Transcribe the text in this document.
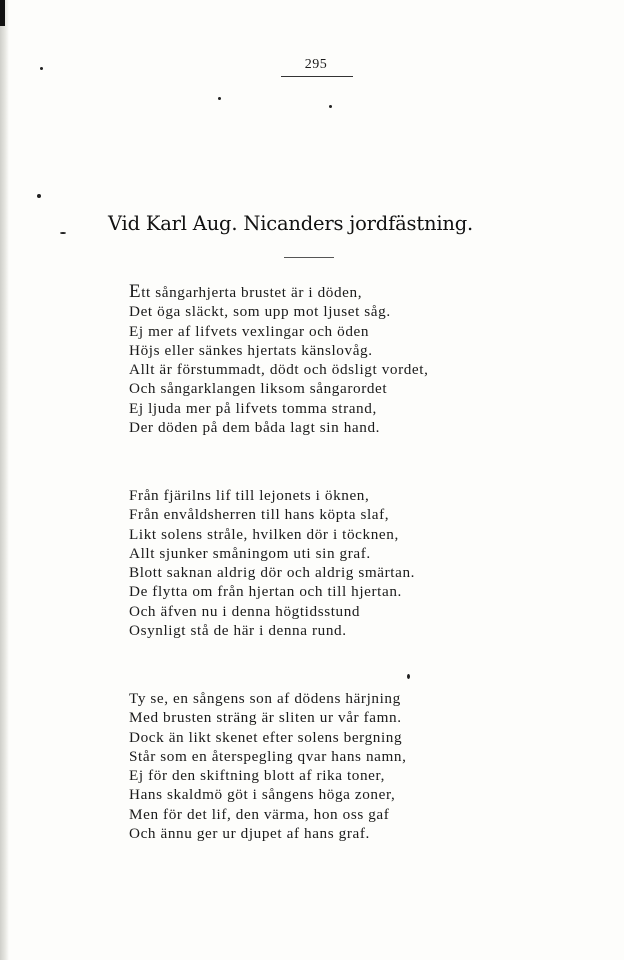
295
Vid Karl Aug. Nicanders jordfästning.
Ett sångarhjerta brustet är i döden,
Det öga släckt, som upp mot ljuset såg.
Ej mer af lifvets vexlingar och öden
Höjs eller sänkes hjertats känslovåg.
Allt är förstummadt, dödt och ödsligt vordet,
Och sångarklangen liksom sångarordet
Ej ljuda mer på lifvets tomma strand,
Der döden på dem båda lagt sin hand.
Från fjärilns lif till lejonets i öknen,
Från envåldsherren till hans köpta slaf,
Likt solens stråle, hvilken dör i töcknen,
Allt sjunker småningom uti sin graf.
Blott saknan aldrig dör och aldrig smärtan.
De flytta om från hjertan och till hjertan.
Och äfven nu i denna högtidsstund
Osynligt stå de här i denna rund.
Ty se, en sångens son af dödens härjning
Med brusten sträng är sliten ur vår famn.
Dock än likt skenet efter solens bergning
Står som en återspegling qvar hans namn,
Ej för den skiftning blott af rika toner,
Hans skaldmö göt i sångens höga zoner,
Men för det lif, den värma, hon oss gaf
Och ännu ger ur djupet af hans graf.
